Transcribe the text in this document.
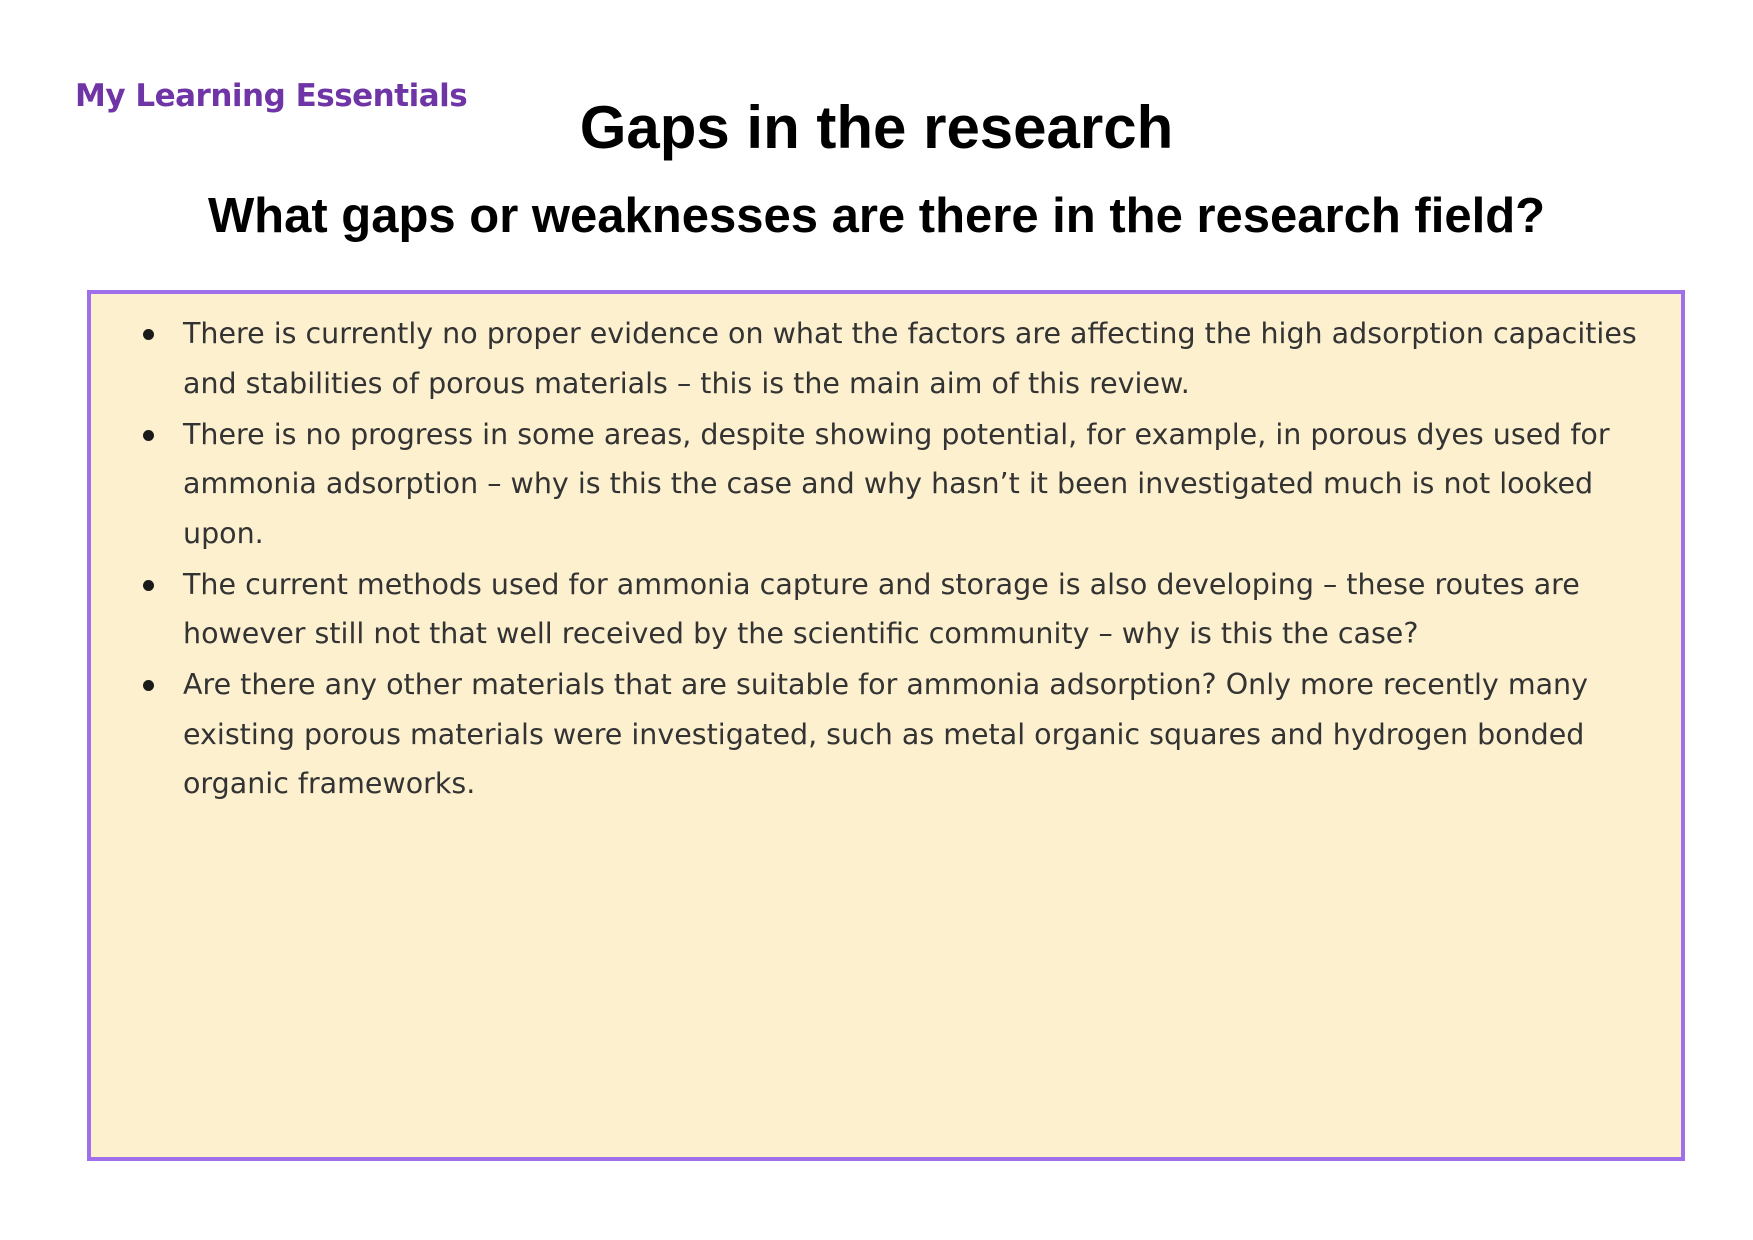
My Learning Essentials	Gaps in the research
What gaps or weaknesses are there in the research field?
There is currently no proper evidence on what the factors are affecting the high adsorption capacities and stabilities of porous materials – this is the main aim of this review.
There is no progress in some areas, despite showing potential, for example, in porous dyes used for ammonia adsorption – why is this the case and why hasn’t it been investigated much is not looked upon.
The current methods used for ammonia capture and storage is also developing – these routes are however still not that well received by the scientific community – why is this the case?
Are there any other materials that are suitable for ammonia adsorption? Only more recently many existing porous materials were investigated, such as metal organic squares and hydrogen bonded organic frameworks.
